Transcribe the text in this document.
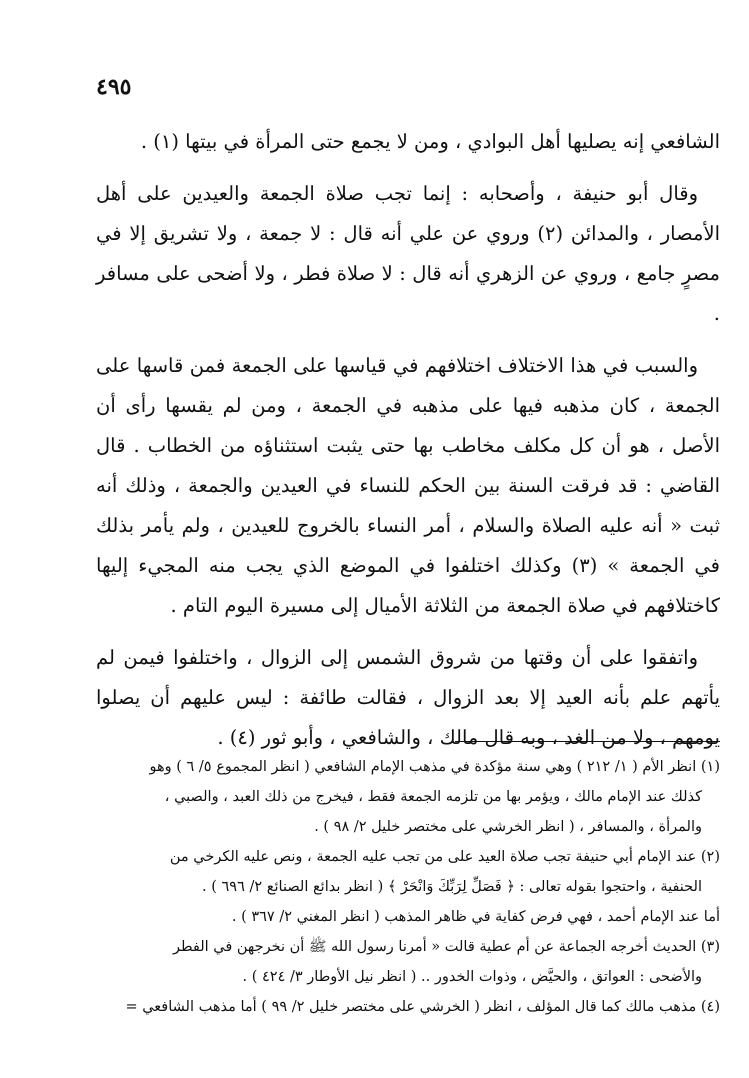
٤٩٥

الشافعي إنه يصليها أهل البوادي ، ومن لا يجمع حتى المرأة في بيتها (١) .

وقال أبو حنيفة ، وأصحابه : إنما تجب صلاة الجمعة والعيدين على أهل الأمصار ، والمدائن (٢) وروي عن علي أنه قال : لا جمعة ، ولا تشريق إلا في مصرٍ جامع ، وروي عن الزهري أنه قال : لا صلاة فطر ، ولا أضحى على مسافر .

والسبب في هذا الاختلاف اختلافهم في قياسها على الجمعة فمن قاسها على الجمعة ، كان مذهبه فيها على مذهبه في الجمعة ، ومن لم يقسها رأى أن الأصل ، هو أن كل مكلف مخاطب بها حتى يثبت استثناؤه من الخطاب . قال القاضي : قد فرقت السنة بين الحكم للنساء في العيدين والجمعة ، وذلك أنه ثبت « أنه عليه الصلاة والسلام ، أمر النساء بالخروج للعيدين ، ولم يأمر بذلك في الجمعة » (٣) وكذلك اختلفوا في الموضع الذي يجب منه المجيء إليها كاختلافهم في صلاة الجمعة من الثلاثة الأميال إلى مسيرة اليوم التام .

واتفقوا على أن وقتها من شروق الشمس إلى الزوال ، واختلفوا فيمن لم يأتهم علم بأنه العيد إلا بعد الزوال ، فقالت طائفة : ليس عليهم أن يصلوا يومهم ، ولا من الغد ، وبه قال مالك ، والشافعي ، وأبو ثور (٤) .

(١) انظر الأم ( ١/ ٢١٢ ) وهي سنة مؤكدة في مذهب الإمام الشافعي ( انظر المجموع ٥/ ٦ ) وهو

كذلك عند الإمام مالك ، ويؤمر بها من تلزمه الجمعة فقط ، فيخرج من ذلك العبد ، والصبي ،
والمرأة ، والمسافر ، ( انظر الخرشي على مختصر خليل ٢/ ٩٨ ) .
(٢) عند الإمام أبي حنيفة تجب صلاة العيد على من تجب عليه الجمعة ، ونص عليه الكرخي من

الحنفية ، واحتجوا بقوله تعالى : ﴿ فَصَلِّ لِرَبِّكَ وَانْحَرْ ﴾ ( انظر بدائع الصنائع ٢/ ٦٩٦ ) .
أما عند الإمام أحمد ، فهي فرض كفاية في ظاهر المذهب ( انظر المغني ٢/ ٣٦٧ ) .
(٣) الحديث أخرجه الجماعة عن أم عطية قالت « أمرنا رسول الله ﷺ أن نخرجهن في الفطر

والأضحى : العواتق ، والحيَّض ، وذوات الخدور .. ( انظر نيل الأوطار ٣/ ٤٢٤ ) .
(٤) مذهب مالك كما قال المؤلف ، انظر ( الخرشي على مختصر خليل ٢/ ٩٩ ) أما مذهب الشافعي =
